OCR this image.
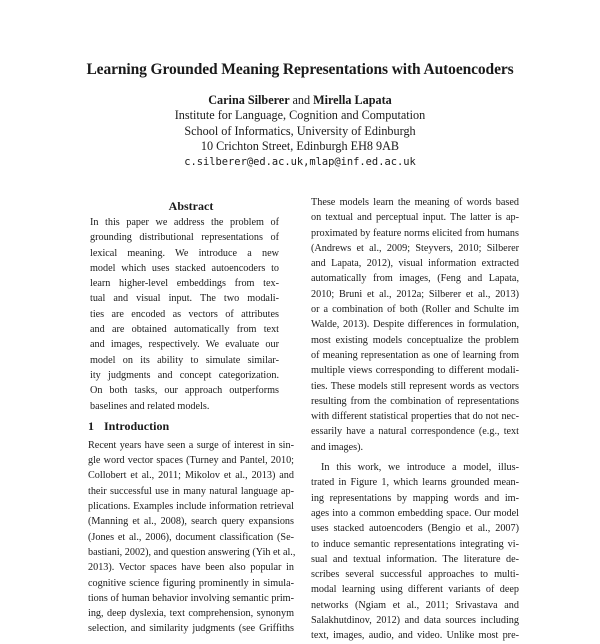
Learning Grounded Meaning Representations with Autoencoders
Carina Silberer and Mirella Lapata
Institute for Language, Cognition and Computation
School of Informatics, University of Edinburgh
10 Crichton Street, Edinburgh EH8 9AB
c.silberer@ed.ac.uk,mlap@inf.ed.ac.uk
Abstract
In this paper we address the problem of
grounding distributional representations of
lexical meaning. We introduce a new
model which uses stacked autoencoders to
learn higher-level embeddings from tex-
tual and visual input. The two modali-
ties are encoded as vectors of attributes
and are obtained automatically from text
and images, respectively. We evaluate our
model on its ability to simulate similar-
ity judgments and concept categorization.
On both tasks, our approach outperforms
baselines and related models.
1 Introduction
Recent years have seen a surge of interest in sin-
gle word vector spaces (Turney and Pantel, 2010;
Collobert et al., 2011; Mikolov et al., 2013) and
their successful use in many natural language ap-
plications. Examples include information retrieval
(Manning et al., 2008), search query expansions
(Jones et al., 2006), document classification (Se-
bastiani, 2002), and question answering (Yih et al.,
2013). Vector spaces have been also popular in
cognitive science figuring prominently in simula-
tions of human behavior involving semantic prim-
ing, deep dyslexia, text comprehension, synonym
selection, and similarity judgments (see Griffiths
These models learn the meaning of words based
on textual and perceptual input. The latter is ap-
proximated by feature norms elicited from humans
(Andrews et al., 2009; Steyvers, 2010; Silberer
and Lapata, 2012), visual information extracted
automatically from images, (Feng and Lapata,
2010; Bruni et al., 2012a; Silberer et al., 2013)
or a combination of both (Roller and Schulte im
Walde, 2013). Despite differences in formulation,
most existing models conceptualize the problem
of meaning representation as one of learning from
multiple views corresponding to different modali-
ties. These models still represent words as vectors
resulting from the combination of representations
with different statistical properties that do not nec-
essarily have a natural correspondence (e.g., text
and images).
In this work, we introduce a model, illus-
trated in Figure 1, which learns grounded mean-
ing representations by mapping words and im-
ages into a common embedding space. Our model
uses stacked autoencoders (Bengio et al., 2007)
to induce semantic representations integrating vi-
sual and textual information. The literature de-
scribes several successful approaches to multi-
modal learning using different variants of deep
networks (Ngiam et al., 2011; Srivastava and
Salakhutdinov, 2012) and data sources including
text, images, audio, and video. Unlike most pre-
